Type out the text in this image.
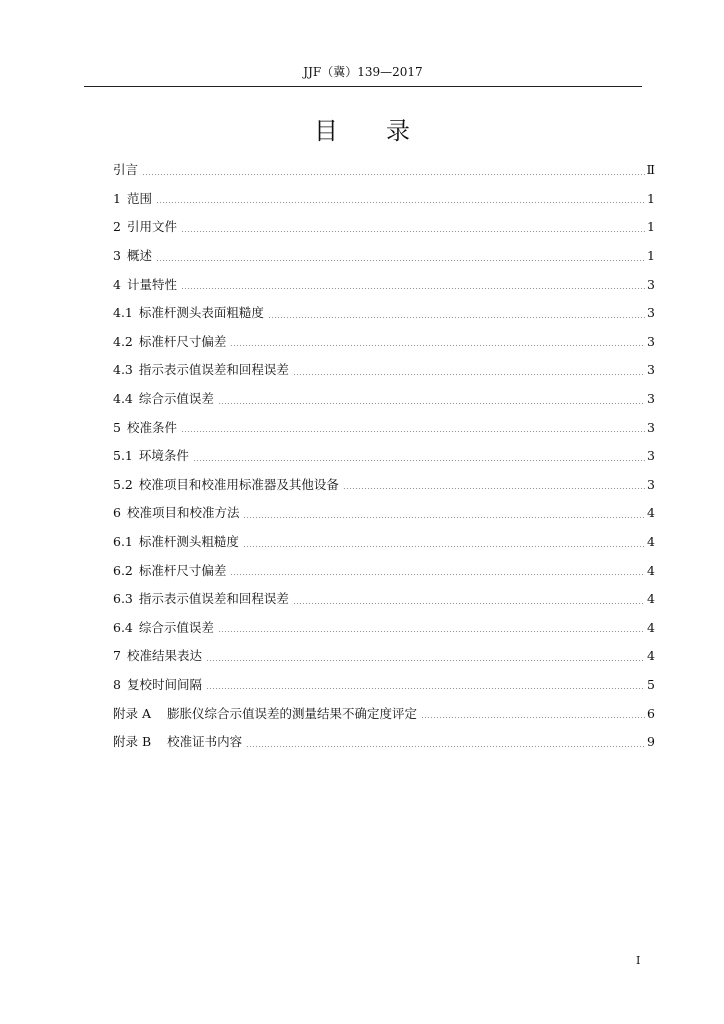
JJF（冀）139—2017
目 录
引言	Ⅱ
1 范围	1
2 引用文件	1
3 概述	1
4 计量特性	3
4.1 标准杆测头表面粗糙度	3
4.2 标准杆尺寸偏差	3
4.3 指示表示值误差和回程误差	3
4.4 综合示值误差	3
5 校准条件	3
5.1 环境条件	3
5.2 校准项目和校准用标准器及其他设备	3
6 校准项目和校准方法	4
6.1 标准杆测头粗糙度	4
6.2 标准杆尺寸偏差	4
6.3 指示表示值误差和回程误差	4
6.4 综合示值误差	4
7 校准结果表达	4
8 复校时间间隔	5
附录 A 膨胀仪综合示值误差的测量结果不确定度评定	6
附录 B 校准证书内容	9
I
